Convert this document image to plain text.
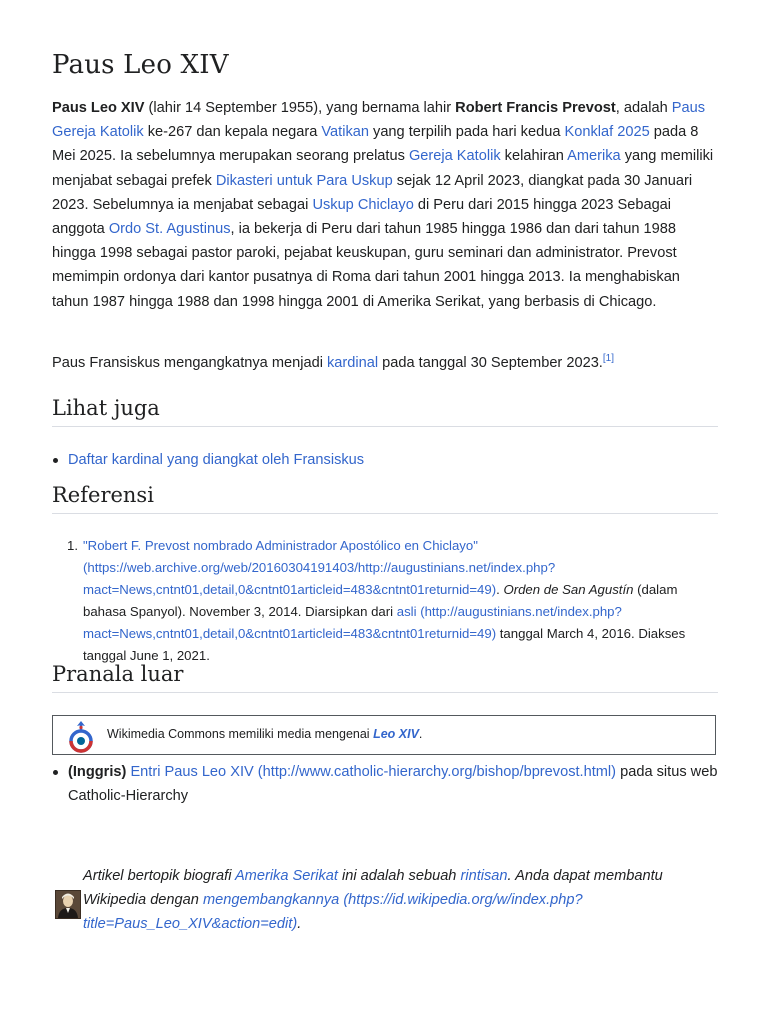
Paus Leo XIV

Paus Leo XIV (lahir 14 September 1955), yang bernama lahir Robert Francis Prevost, adalah Paus Gereja Katolik ke-267 dan kepala negara Vatikan yang terpilih pada hari kedua Konklaf 2025 pada 8 Mei 2025. Ia sebelumnya merupakan seorang prelatus Gereja Katolik kelahiran Amerika yang memiliki menjabat sebagai prefek Dikasteri untuk Para Uskup sejak 12 April 2023, diangkat pada 30 Januari 2023. Sebelumnya ia menjabat sebagai Uskup Chiclayo di Peru dari 2015 hingga 2023 Sebagai anggota Ordo St. Agustinus, ia bekerja di Peru dari tahun 1985 hingga 1986 dan dari tahun 1988 hingga 1998 sebagai pastor paroki, pejabat keuskupan, guru seminari dan administrator. Prevost memimpin ordonya dari kantor pusatnya di Roma dari tahun 2001 hingga 2013. Ia menghabiskan tahun 1987 hingga 1988 dan 1998 hingga 2001 di Amerika Serikat, yang berbasis di Chicago.

Paus Fransiskus mengangkatnya menjadi kardinal pada tanggal 30 September 2023.[1]

Lihat juga
Daftar kardinal yang diangkat oleh Fransiskus
Referensi
1. "Robert F. Prevost nombrado Administrador Apostólico en Chiclayo" (https://web.archive.org/web/20160304191403/http://augustinians.net/index.php?mact=News,cntnt01,detail,0&cntnt01articleid=483&cntnt01returnid=49). Orden de San Agustín (dalam bahasa Spanyol). November 3, 2014. Diarsipkan dari asli (http://augustinians.net/index.php?mact=News,cntnt01,detail,0&cntnt01articleid=483&cntnt01returnid=49) tanggal March 4, 2016. Diakses tanggal June 1, 2021.
Pranala luar
Wikimedia Commons memiliki media mengenai Leo XIV.
(Inggris) Entri Paus Leo XIV (http://www.catholic-hierarchy.org/bishop/bprevost.html) pada situs web Catholic-Hierarchy
Artikel bertopik biografi Amerika Serikat ini adalah sebuah rintisan. Anda dapat membantu Wikipedia dengan mengembangkannya (https://id.wikipedia.org/w/index.php?title=Paus_Leo_XIV&action=edit).
